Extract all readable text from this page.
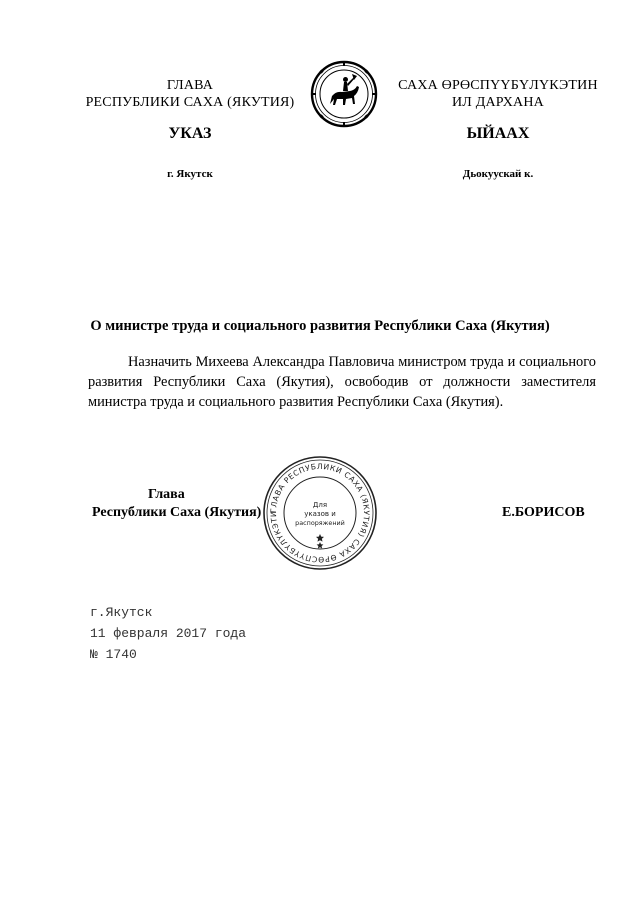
ГЛАВА
РЕСПУБЛИКИ САХА (ЯКУТИЯ)
САХА ӨРӨСПҮҮБҮЛҮКЭТИН
ИЛ ДАРХАНА
УКАЗ	ЫЙААХ
г. Якутск	Дьокуускай к.
О министре труда и социального развития Республики Саха (Якутия)
Назначить Михеева Александра Павловича министром труда и социального развития Республики Саха (Якутия), освободив от должности заместителя министра труда и социального развития Республики Саха (Якутия).
Глава
Республики Саха (Якутия)	Е.БОРИСОВ
ГЛАВА РЕСПУБЛИКИ САХА (ЯКУТИЯ) САХА ӨРӨСПҮҮБҮЛҮКЭТИ
Для
указов и
распоряжений
г.Якутск
11 февраля 2017 года
№ 1740
